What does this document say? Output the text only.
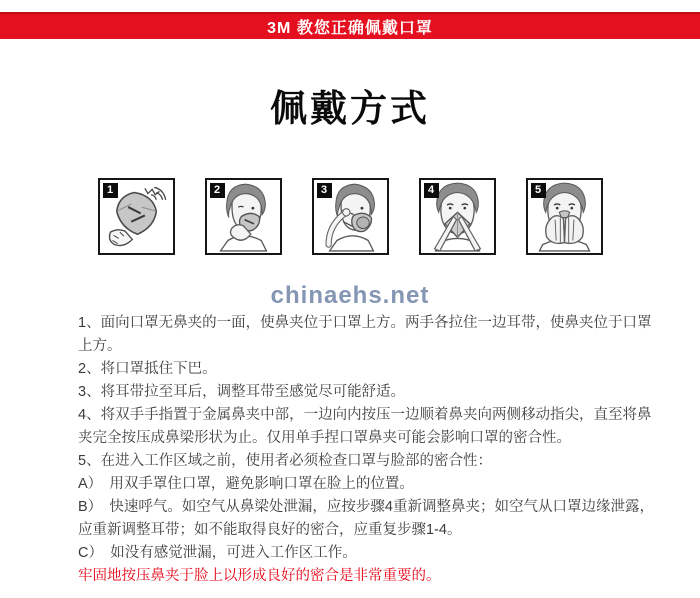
3M 教您正确佩戴口罩
佩戴方式
1	2	3	4	5
chinaehs.net

1、面向口罩无鼻夹的一面，使鼻夹位于口罩上方。两手各拉住一边耳带，使鼻夹位于口罩上方。

2、将口罩抵住下巴。

3、将耳带拉至耳后，调整耳带至感觉尽可能舒适。

4、将双手手指置于金属鼻夹中部，一边向内按压一边顺着鼻夹向两侧移动指尖，直至将鼻夹完全按压成鼻梁形状为止。仅用单手捏口罩鼻夹可能会影响口罩的密合性。

5、在进入工作区域之前，使用者必须检查口罩与脸部的密合性：

A）　用双手罩住口罩，避免影响口罩在脸上的位置。

B）　快速呼气。如空气从鼻梁处泄漏，应按步骤4重新调整鼻夹；如空气从口罩边缘泄露，应重新调整耳带；如不能取得良好的密合，应重复步骤1-4。

C）　如没有感觉泄漏，可进入工作区工作。

牢固地按压鼻夹于脸上以形成良好的密合是非常重要的。
